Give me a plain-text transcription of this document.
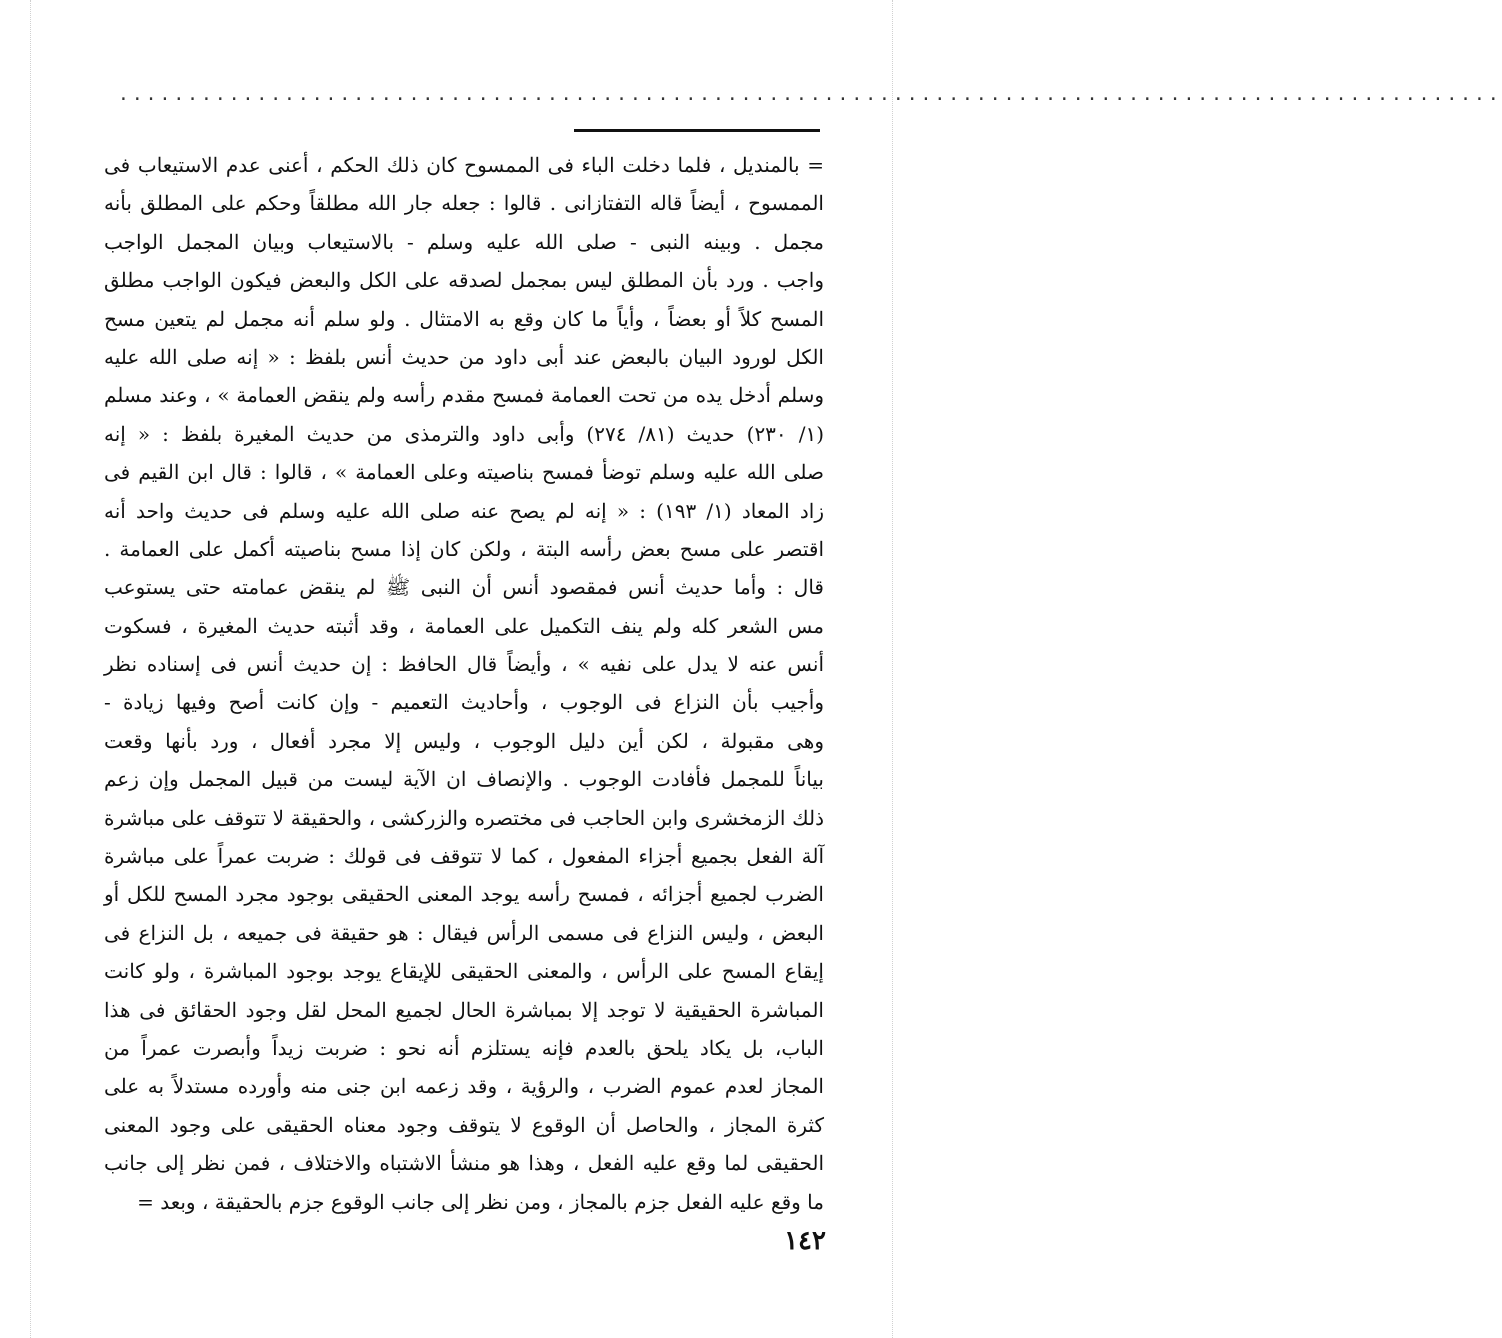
....................................................................................................
= بالمنديل ، فلما دخلت الباء فى الممسوح كان ذلك الحكم ، أعنى عدم الاستيعاب فى
الممسوح ، أيضاً قاله التفتازانى . قالوا : جعله جار الله مطلقاً وحكم على المطلق بأنه
مجمل . وبينه النبى - صلى الله عليه وسلم - بالاستيعاب وبيان المجمل الواجب
واجب . ورد بأن المطلق ليس بمجمل لصدقه على الكل والبعض فيكون الواجب مطلق
المسح كلاً أو بعضاً ، وأياً ما كان وقع به الامتثال . ولو سلم أنه مجمل لم يتعين مسح
الكل لورود البيان بالبعض عند أبى داود من حديث أنس بلفظ : « إنه صلى الله عليه
وسلم أدخل يده من تحت العمامة فمسح مقدم رأسه ولم ينقض العمامة » ، وعند مسلم
(١/ ٢٣٠) حديث (٨١/ ٢٧٤) وأبى داود والترمذى من حديث المغيرة بلفظ : « إنه
صلى الله عليه وسلم توضأ فمسح بناصيته وعلى العمامة » ، قالوا : قال ابن القيم فى
زاد المعاد (١/ ١٩٣) : « إنه لم يصح عنه صلى الله عليه وسلم فى حديث واحد أنه
اقتصر على مسح بعض رأسه البتة ، ولكن كان إذا مسح بناصيته أكمل على العمامة .
قال : وأما حديث أنس فمقصود أنس أن النبى ﷺ لم ينقض عمامته حتى يستوعب
مس الشعر كله ولم ينف التكميل على العمامة ، وقد أثبته حديث المغيرة ، فسكوت
أنس عنه لا يدل على نفيه » ، وأيضاً قال الحافظ : إن حديث أنس فى إسناده نظر
وأجيب بأن النزاع فى الوجوب ، وأحاديث التعميم - وإن كانت أصح وفيها زيادة -
وهى مقبولة ، لكن أين دليل الوجوب ، وليس إلا مجرد أفعال ، ورد بأنها وقعت
بياناً للمجمل فأفادت الوجوب . والإنصاف ان الآية ليست من قبيل المجمل وإن زعم
ذلك الزمخشرى وابن الحاجب فى مختصره والزركشى ، والحقيقة لا تتوقف على مباشرة
آلة الفعل بجميع أجزاء المفعول ، كما لا تتوقف فى قولك : ضربت عمراً على مباشرة
الضرب لجميع أجزائه ، فمسح رأسه يوجد المعنى الحقيقى بوجود مجرد المسح للكل أو
البعض ، وليس النزاع فى مسمى الرأس فيقال : هو حقيقة فى جميعه ، بل النزاع فى
إيقاع المسح على الرأس ، والمعنى الحقيقى للإيقاع يوجد بوجود المباشرة ، ولو كانت
المباشرة الحقيقية لا توجد إلا بمباشرة الحال لجميع المحل لقل وجود الحقائق فى هذا
الباب، بل يكاد يلحق بالعدم فإنه يستلزم أنه نحو : ضربت زيداً وأبصرت عمراً من
المجاز لعدم عموم الضرب ، والرؤية ، وقد زعمه ابن جنى منه وأورده مستدلاً به على
كثرة المجاز ، والحاصل أن الوقوع لا يتوقف وجود معناه الحقيقى على وجود المعنى
الحقيقى لما وقع عليه الفعل ، وهذا هو منشأ الاشتباه والاختلاف ، فمن نظر إلى جانب
ما وقع عليه الفعل جزم بالمجاز ، ومن نظر إلى جانب الوقوع جزم بالحقيقة ، وبعد =
١٤٢
